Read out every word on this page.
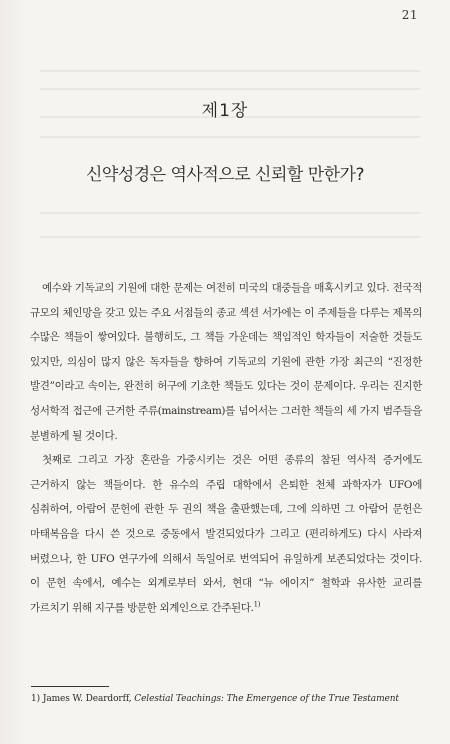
21
제1장
신약성경은 역사적으로 신뢰할 만한가?

예수와 기독교의 기원에 대한 문제는 여전히 미국의 대중들을 매혹시키고 있다. 전국적 규모의 체인망을 갖고 있는 주요 서점들의 종교 섹션 서가에는 이 주제들을 다루는 제목의 수많은 책들이 쌓여있다. 불행히도, 그 책들 가운데는 책임적인 학자들이 저술한 것들도 있지만, 의심이 많지 않은 독자들을 향하여 기독교의 기원에 관한 가장 최근의 “진정한 발견”이라고 속이는, 완전히 허구에 기초한 책들도 있다는 것이 문제이다. 우리는 진지한 성서학적 접근에 근거한 주류(mainstream)를 넘어서는 그러한 책들의 세 가지 범주들을 분별하게 될 것이다.

첫째로 그리고 가장 혼란을 가중시키는 것은 어떤 종류의 참된 역사적 증거에도 근거하지 않는 책들이다. 한 유수의 주립 대학에서 은퇴한 천체 과학자가 UFO에 심취하여, 아람어 문헌에 관한 두 권의 책을 출판했는데, 그에 의하면 그 아람어 문헌은 마태복음을 다시 쓴 것으로 중동에서 발견되었다가 그리고 (편리하게도) 다시 사라져 버렸으나, 한 UFO 연구가에 의해서 독일어로 번역되어 유일하게 보존되었다는 것이다. 이 문헌 속에서, 예수는 외계로부터 와서, 현대 “뉴 에이지” 철학과 유사한 교리를 가르치기 위해 지구를 방문한 외계인으로 간주된다.$^{1)}$

1) James W. Deardorff, Celestial Teachings: The Emergence of the True Testament
